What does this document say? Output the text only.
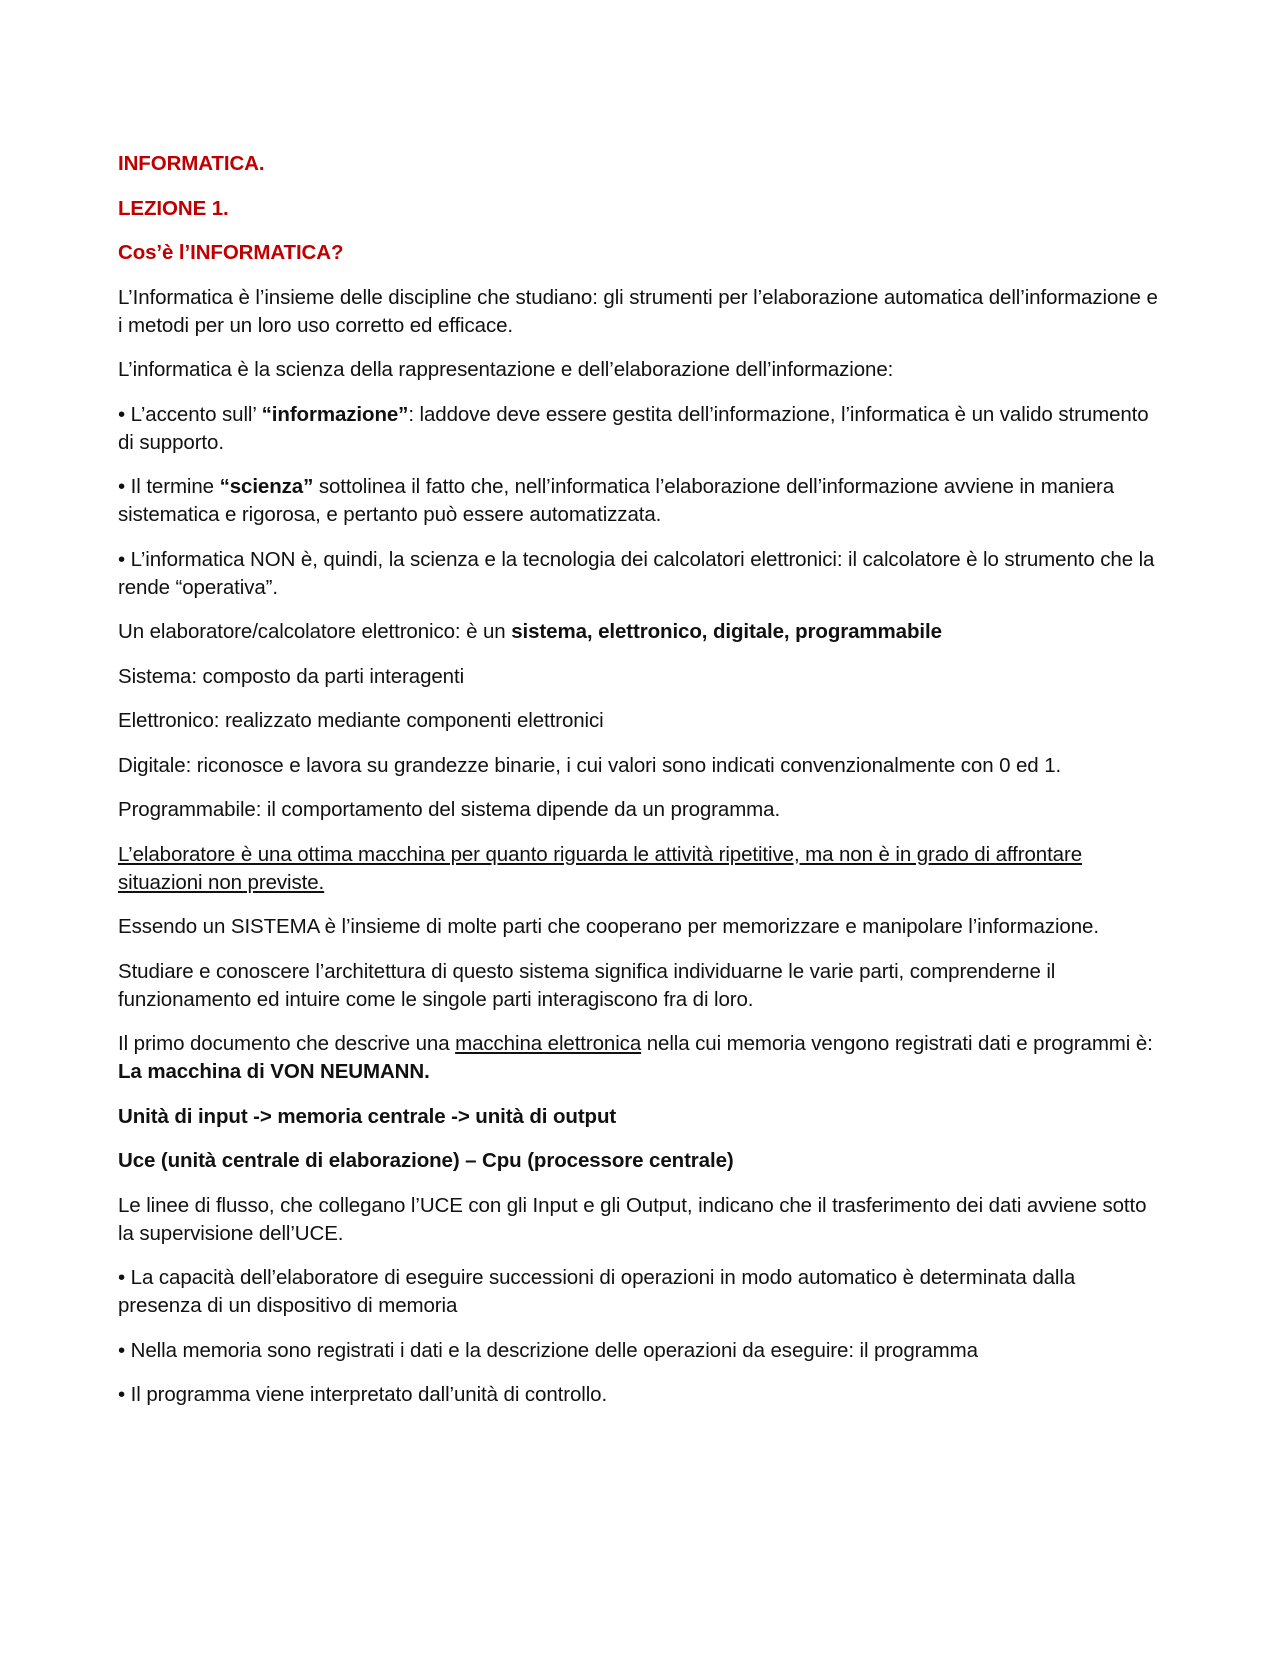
INFORMATICA.

LEZIONE 1.

Cos’è l’INFORMATICA?

L’Informatica è l’insieme delle discipline che studiano: gli strumenti per l’elaborazione automatica dell’informazione e i metodi per un loro uso corretto ed efficace.

L’informatica è la scienza della rappresentazione e dell’elaborazione dell’informazione:

• L’accento sull’ “informazione”: laddove deve essere gestita dell’informazione, l’informatica è un valido strumento di supporto.

• Il termine “scienza” sottolinea il fatto che, nell’informatica l’elaborazione dell’informazione avviene in maniera sistematica e rigorosa, e pertanto può essere automatizzata.

• L’informatica NON è, quindi, la scienza e la tecnologia dei calcolatori elettronici: il calcolatore è lo strumento che la rende “operativa”.

Un elaboratore/calcolatore elettronico: è un sistema, elettronico, digitale, programmabile

Sistema: composto da parti interagenti

Elettronico: realizzato mediante componenti elettronici

Digitale: riconosce e lavora su grandezze binarie, i cui valori sono indicati convenzionalmente con 0 ed 1.

Programmabile: il comportamento del sistema dipende da un programma.

L’elaboratore è una ottima macchina per quanto riguarda le attività ripetitive, ma non è in grado di affrontare situazioni non previste.

Essendo un SISTEMA è l’insieme di molte parti che cooperano per memorizzare e manipolare l’informazione.

Studiare e conoscere l’architettura di questo sistema significa individuarne le varie parti, comprenderne il funzionamento ed intuire come le singole parti interagiscono fra di loro.

Il primo documento che descrive una macchina elettronica nella cui memoria vengono registrati dati e programmi è: La macchina di VON NEUMANN.

Unità di input -> memoria centrale -> unità di output

Uce (unità centrale di elaborazione) – Cpu (processore centrale)

Le linee di flusso, che collegano l’UCE con gli Input e gli Output, indicano che il trasferimento dei dati avviene sotto la supervisione dell’UCE.

• La capacità dell’elaboratore di eseguire successioni di operazioni in modo automatico è determinata dalla presenza di un dispositivo di memoria

• Nella memoria sono registrati i dati e la descrizione delle operazioni da eseguire: il programma

• Il programma viene interpretato dall’unità di controllo.
